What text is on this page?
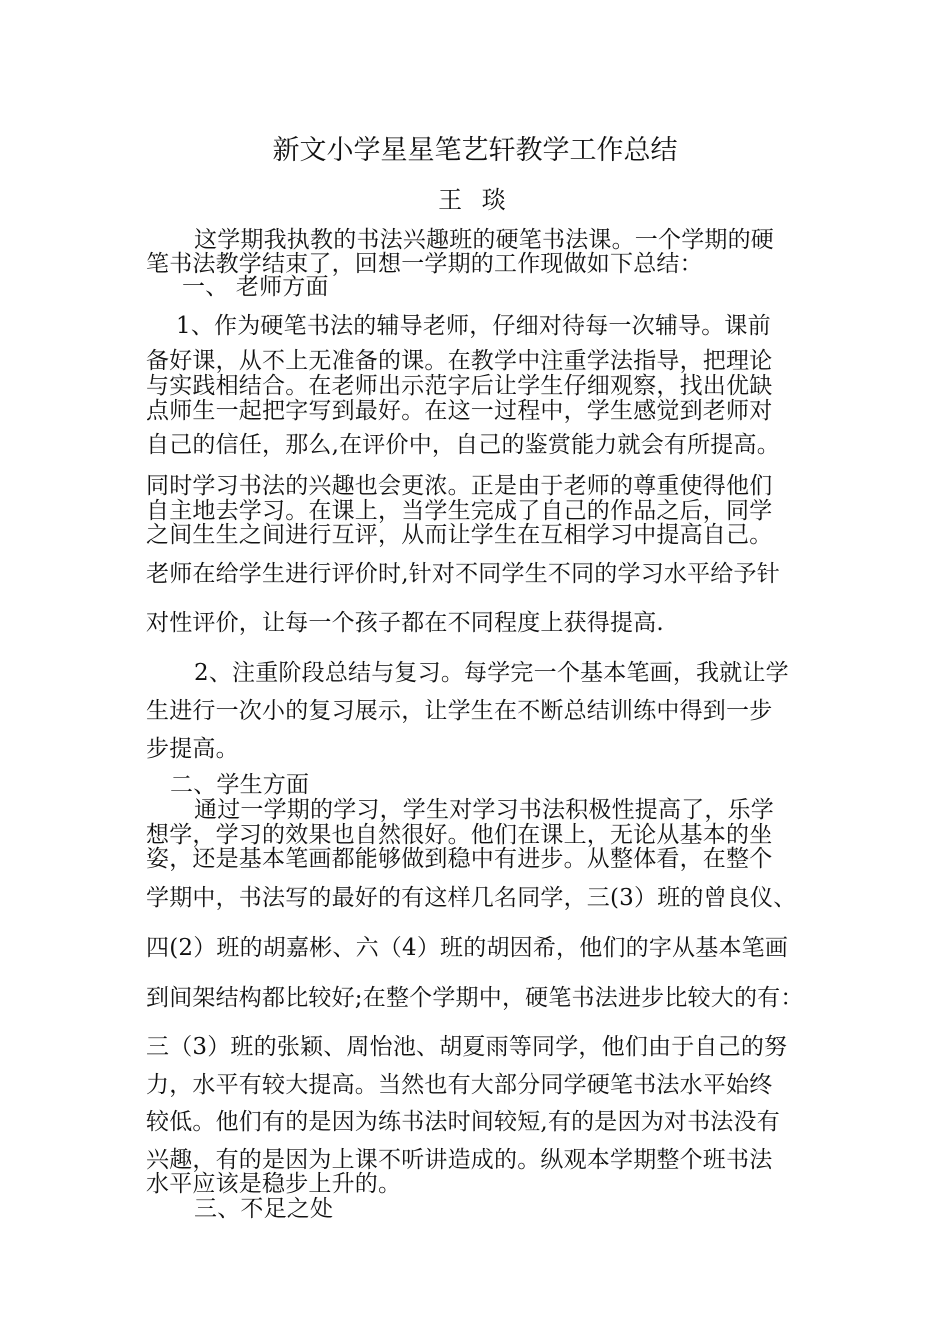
新文小学星星笔艺轩教学工作总结
王 琰
这学期我执教的书法兴趣班的硬笔书法课。一个学期的硬
笔书法教学结束了，回想一学期的工作现做如下总结：
一、 老师方面
1、作为硬笔书法的辅导老师，仔细对待每一次辅导。课前
备好课，从不上无准备的课。在教学中注重学法指导，把理论
与实践相结合。在老师出示范字后让学生仔细观察，找出优缺
点师生一起把字写到最好。在这一过程中，学生感觉到老师对
自己的信任，那么,在评价中，自己的鉴赏能力就会有所提高。
同时学习书法的兴趣也会更浓。正是由于老师的尊重使得他们
自主地去学习。在课上，当学生完成了自己的作品之后，同学
之间生生之间进行互评，从而让学生在互相学习中提高自己。
老师在给学生进行评价时,针对不同学生不同的学习水平给予针
对性评价，让每一个孩子都在不同程度上获得提高.
2、注重阶段总结与复习。每学完一个基本笔画，我就让学
生进行一次小的复习展示，让学生在不断总结训练中得到一步
步提高。
二、学生方面
通过一学期的学习，学生对学习书法积极性提高了，乐学
想学，学习的效果也自然很好。他们在课上，无论从基本的坐
姿，还是基本笔画都能够做到稳中有进步。从整体看，在整个
学期中，书法写的最好的有这样几名同学，三(3）班的曾良仪、
四(2）班的胡嘉彬、六（4）班的胡因希，他们的字从基本笔画
到间架结构都比较好;在整个学期中，硬笔书法进步比较大的有：
三（3）班的张颖、周怡池、胡夏雨等同学，他们由于自己的努
力，水平有较大提高。当然也有大部分同学硬笔书法水平始终
较低。他们有的是因为练书法时间较短,有的是因为对书法没有
兴趣，有的是因为上课不听讲造成的。纵观本学期整个班书法
水平应该是稳步上升的。
三、不足之处
